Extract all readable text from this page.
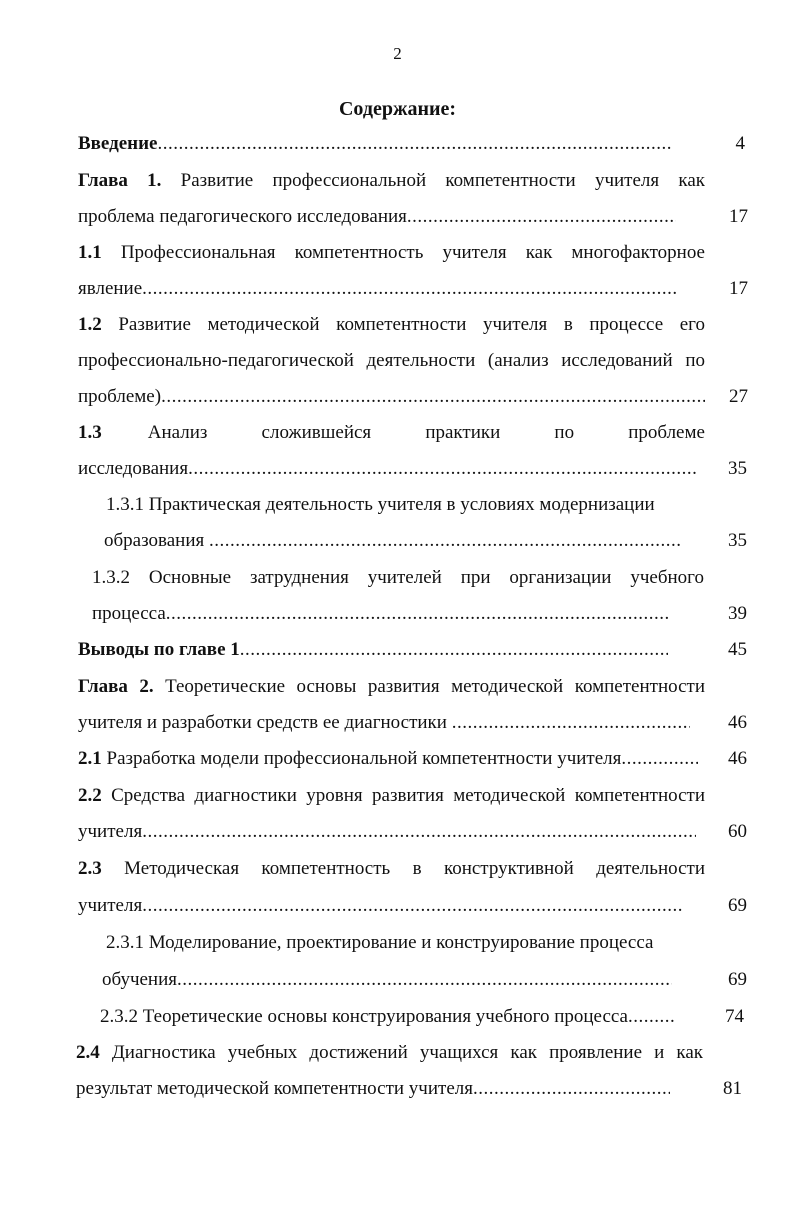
2
Содержание:
Введение .....	4
Глава 1. Развитие профессиональной компетентности учителя как
проблема педагогического исследования .....	17
1.1 Профессиональная компетентность учителя как многофакторное
явление .....	17
1.2 Развитие методической компетентности учителя в процессе его
профессионально-педагогической деятельности (анализ исследований по
проблеме) .....	27
1.3 Анализ	сложившейся	практики	по	проблеме
исследования .....	35
1.3.1 Практическая деятельность учителя в условиях модернизации
образования .....	35
1.3.2 Основные затруднения учителей при организации учебного
процесса .....	39
Выводы по главе 1 .....	45
Глава 2. Теоретические основы развития методической компетентности
учителя и разработки средств ее диагностики .....	46
2.1 Разработка модели профессиональной компетентности учителя .....	46
2.2 Средства диагностики уровня развития методической компетентности
учителя .....	60
2.3 Методическая компетентность в конструктивной деятельности
учителя .....	69
2.3.1 Моделирование, проектирование и конструирование процесса
обучения .....	69
2.3.2 Теоретические основы конструирования учебного процесса .....	74
2.4 Диагностика учебных достижений учащихся как проявление и как
результат методической компетентности учителя .....	81
